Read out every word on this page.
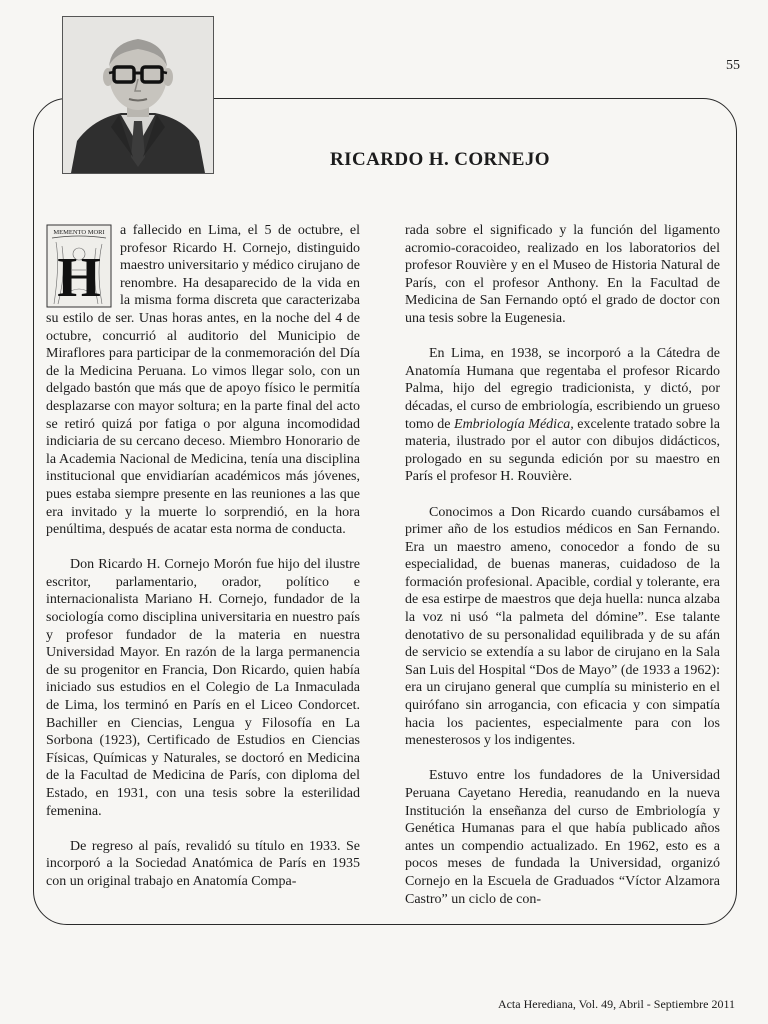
55
RICARDO H. CORNEJO

MEMENTO MORI
H
a fallecido en Lima, el 5 de octubre, el profesor Ricardo H. Cornejo, distinguido maestro universitario y médico cirujano de renombre. Ha desaparecido de la vida en la misma forma discreta que caracterizaba su estilo de ser. Unas horas antes, en la noche del 4 de octubre, concurrió al auditorio del Municipio de Miraflores para participar de la conmemoración del Día de la Medicina Peruana. Lo vimos llegar solo, con un delgado bastón que más que de apoyo físico le permitía desplazarse con mayor soltura; en la parte final del acto se retiró quizá por fatiga o por alguna incomodidad indiciaria de su cercano deceso. Miembro Honorario de la Academia Nacional de Medicina, tenía una disciplina institucional que envidiarían académicos más jóvenes, pues estaba siempre presente en las reuniones a las que era invitado y la muerte lo sorprendió, en la hora penúltima, después de acatar esta norma de conducta.

Don Ricardo H. Cornejo Morón fue hijo del ilustre escritor, parlamentario, orador, político e internacionalista Mariano H. Cornejo, fundador de la sociología como disciplina universitaria en nuestro país y profesor fundador de la materia en nuestra Universidad Mayor. En razón de la larga permanencia de su progenitor en Francia, Don Ricardo, quien había iniciado sus estudios en el Colegio de La Inmaculada de Lima, los terminó en París en el Liceo Condorcet. Bachiller en Ciencias, Lengua y Filosofía en La Sorbona (1923), Certificado de Estudios en Ciencias Físicas, Químicas y Naturales, se doctoró en Medicina de la Facultad de Medicina de París, con diploma del Estado, en 1931, con una tesis sobre la esterilidad femenina.

De regreso al país, revalidó su título en 1933. Se incorporó a la Sociedad Anatómica de París en 1935 con un original trabajo en Anatomía Compa-

rada sobre el significado y la función del ligamento acromio-coracoideo, realizado en los laboratorios del profesor Rouvière y en el Museo de Historia Natural de París, con el profesor Anthony. En la Facultad de Medicina de San Fernando optó el grado de doctor con una tesis sobre la Eugenesia.

En Lima, en 1938, se incorporó a la Cátedra de Anatomía Humana que regentaba el profesor Ricardo Palma, hijo del egregio tradicionista, y dictó, por décadas, el curso de embriología, escribiendo un grueso tomo de Embriología Médica, excelente tratado sobre la materia, ilustrado por el autor con dibujos didácticos, prologado en su segunda edición por su maestro en París el profesor H. Rouvière.

Conocimos a Don Ricardo cuando cursábamos el primer año de los estudios médicos en San Fernando. Era un maestro ameno, conocedor a fondo de su especialidad, de buenas maneras, cuidadoso de la formación profesional. Apacible, cordial y tolerante, era de esa estirpe de maestros que deja huella: nunca alzaba la voz ni usó “la palmeta del dómine”. Ese talante denotativo de su personalidad equilibrada y de su afán de servicio se extendía a su labor de cirujano en la Sala San Luis del Hospital “Dos de Mayo” (de 1933 a 1962): era un cirujano general que cumplía su ministerio en el quirófano sin arrogancia, con eficacia y con simpatía hacia los pacientes, especialmente para con los menesterosos y los indigentes.

Estuvo entre los fundadores de la Universidad Peruana Cayetano Heredia, reanudando en la nueva Institución la enseñanza del curso de Embriología y Genética Humanas para el que había publicado años antes un compendio actualizado. En 1962, esto es a pocos meses de fundada la Universidad, organizó Cornejo en la Escuela de Graduados “Víctor Alzamora Castro” un ciclo de con-

Acta Herediana, Vol. 49, Abril - Septiembre 2011
